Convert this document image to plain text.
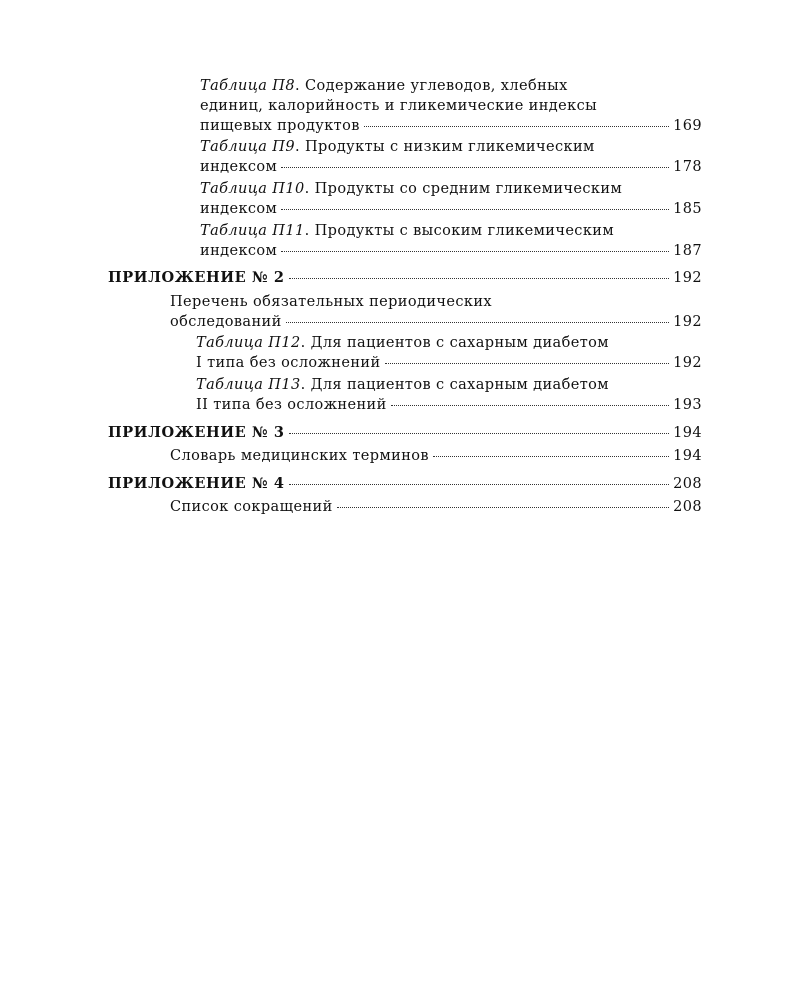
Таблица П8. Содержание углеводов, хлебных
единиц, калорийность и гликемические индексы
пищевых продуктов	169
Таблица П9. Продукты с низким гликемическим
индексом	178
Таблица П10. Продукты со средним гликемическим
индексом	185
Таблица П11. Продукты с высоким гликемическим
индексом	187
ПРИЛОЖЕНИЕ № 2	192
Перечень обязательных периодических
обследований	192
Таблица П12. Для пациентов с сахарным диабетом
I типа без осложнений	192
Таблица П13. Для пациентов с сахарным диабетом
II типа без осложнений	193
ПРИЛОЖЕНИЕ № 3	194
Словарь медицинских терминов	194
ПРИЛОЖЕНИЕ № 4	208
Список сокращений	208
